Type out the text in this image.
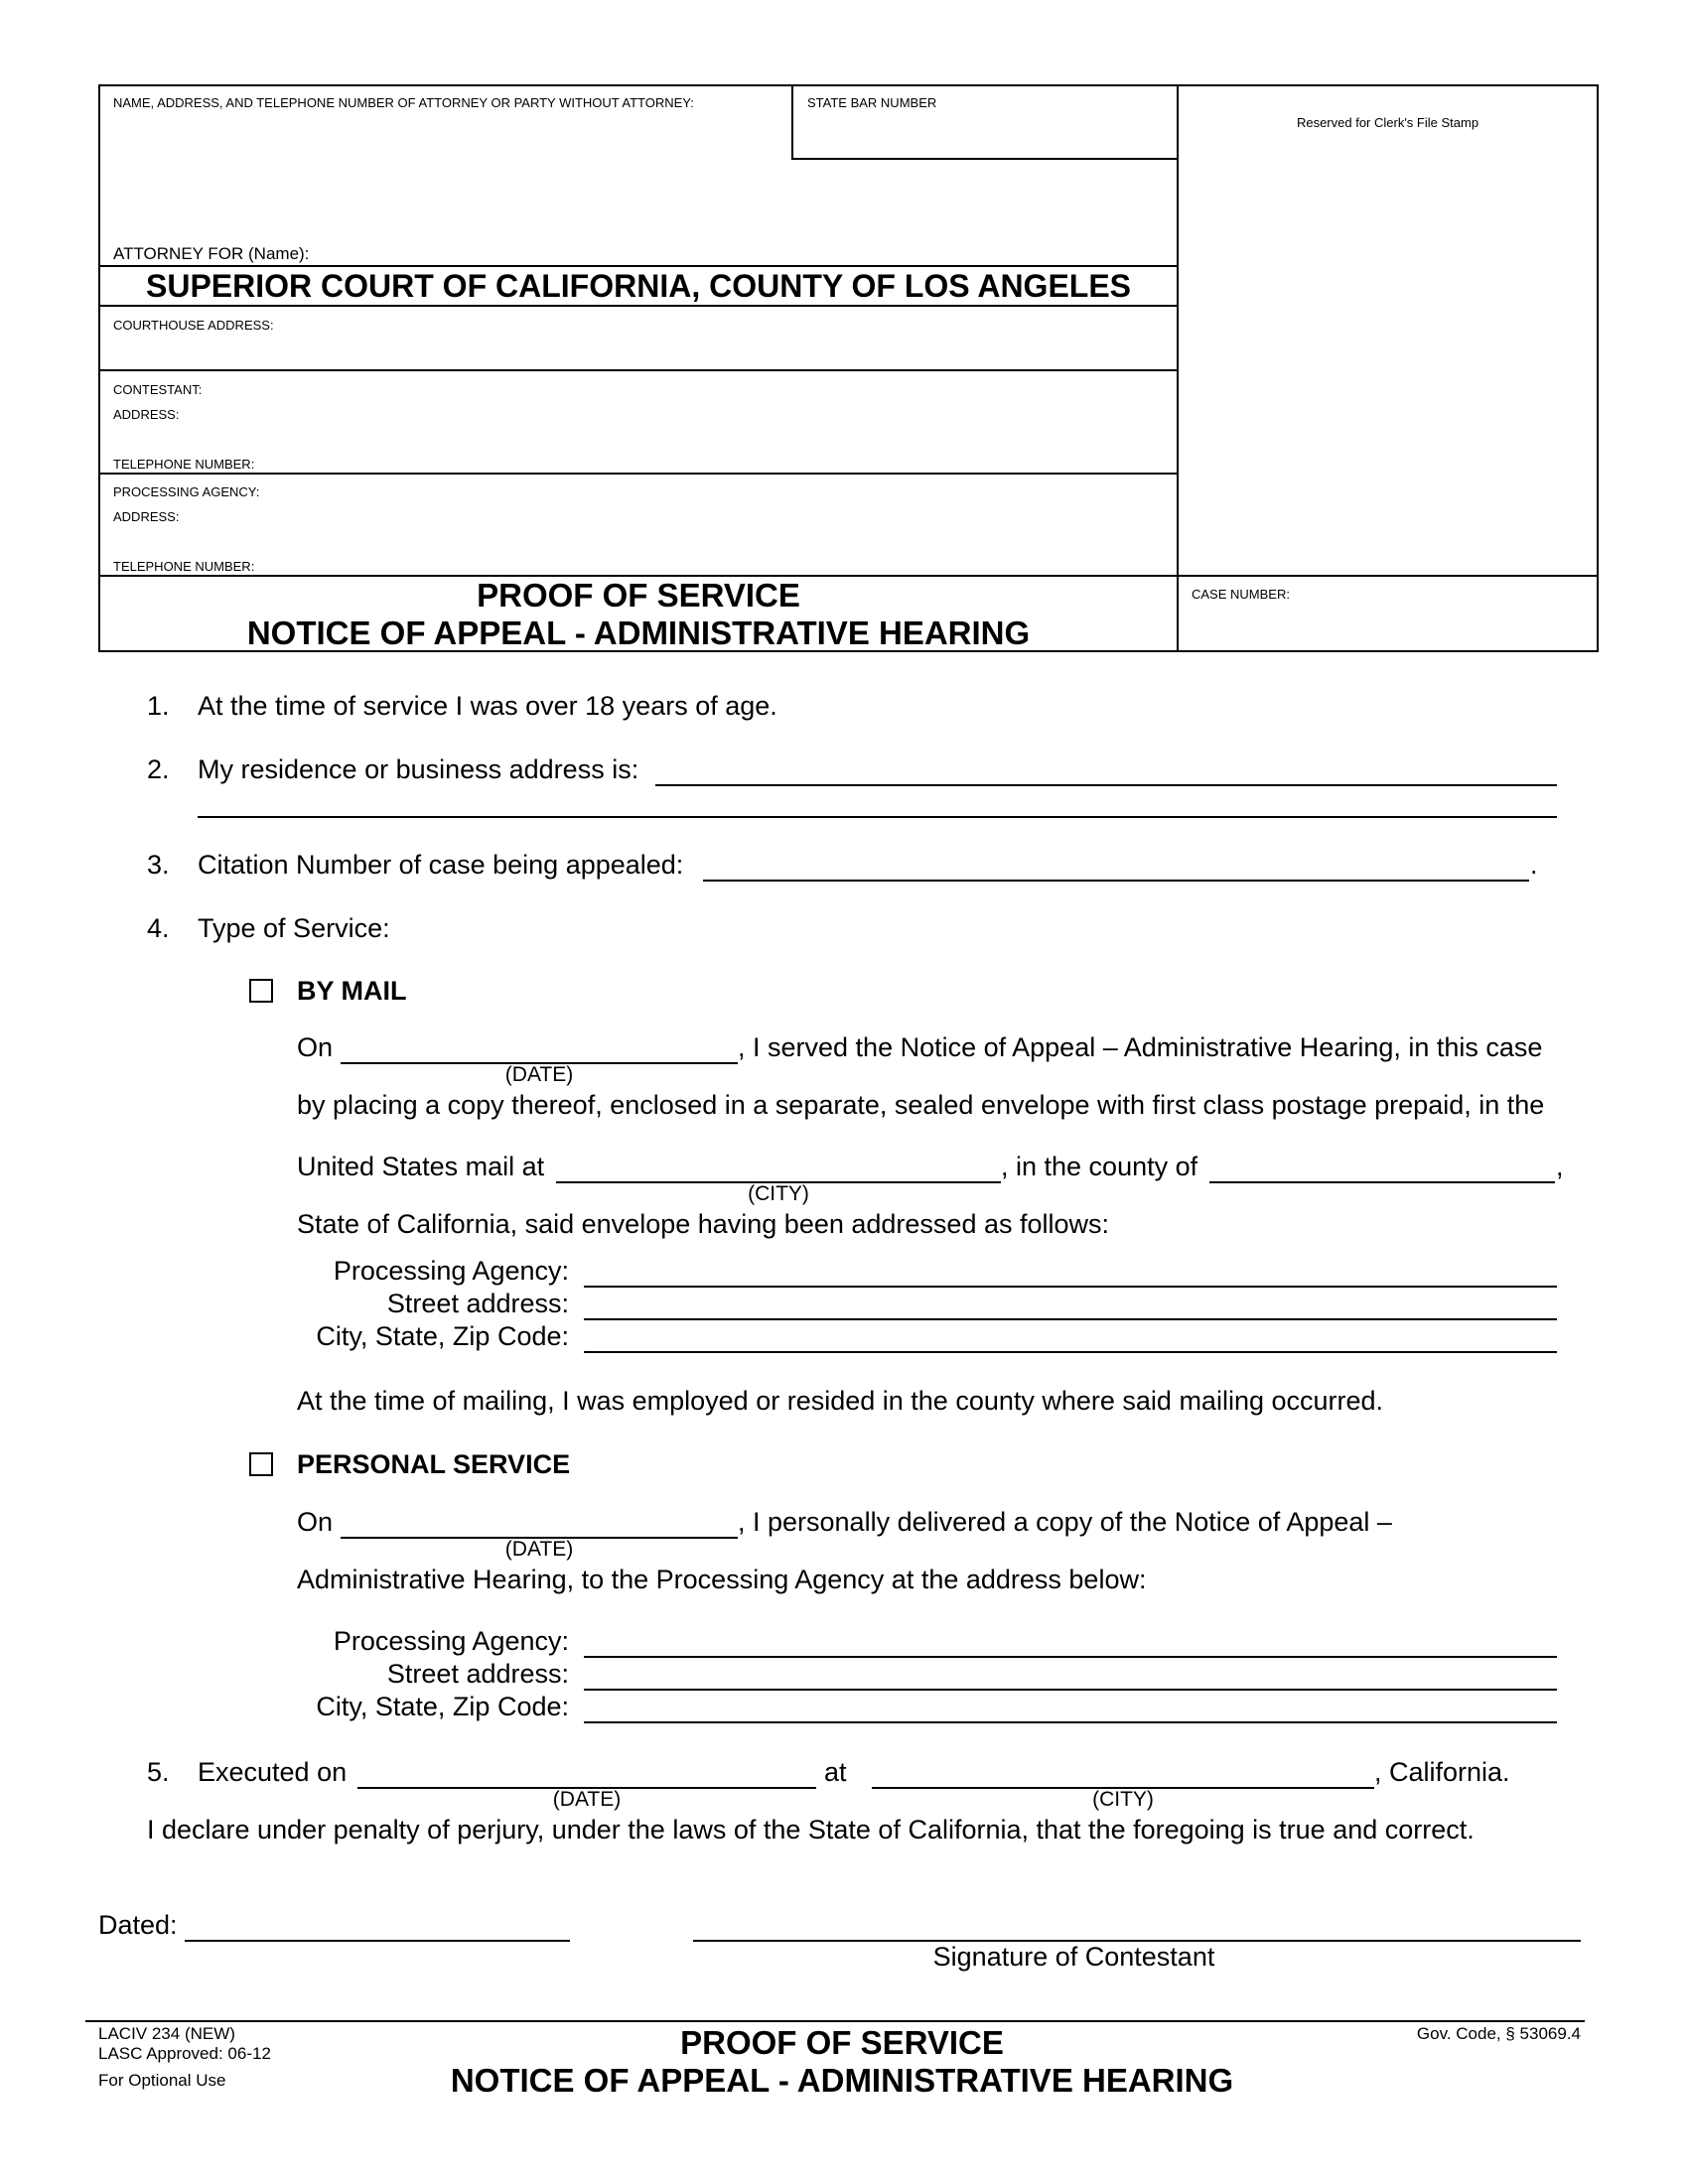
NAME, ADDRESS, AND TELEPHONE NUMBER OF ATTORNEY OR PARTY WITHOUT ATTORNEY:	STATE BAR NUMBER
Reserved for Clerk's File Stamp
ATTORNEY FOR (Name):
SUPERIOR COURT OF CALIFORNIA, COUNTY OF LOS ANGELES
COURTHOUSE ADDRESS:
CONTESTANT:
ADDRESS:
TELEPHONE NUMBER:
PROCESSING AGENCY:
ADDRESS:
TELEPHONE NUMBER:
PROOF OF SERVICE
NOTICE OF APPEAL - ADMINISTRATIVE HEARING
CASE NUMBER:
1. At the time of service I was over 18 years of age.
2. My residence or business address is:
3. Citation Number of case being appealed:	.
4. Type of Service:
BY MAIL
On	, I served the Notice of Appeal – Administrative Hearing, in this case
(DATE)
by placing a copy thereof, enclosed in a separate, sealed envelope with first class postage prepaid, in the
United States mail at	, in the county of	,
(CITY)
State of California, said envelope having been addressed as follows:
Processing Agency:
Street address:
City, State, Zip Code:
At the time of mailing, I was employed or resided in the county where said mailing occurred.
PERSONAL SERVICE
On	, I personally delivered a copy of the Notice of Appeal –
(DATE)
Administrative Hearing, to the Processing Agency at the address below:
Processing Agency:
Street address:
City, State, Zip Code:
5. Executed on	at	, California.
(DATE)	(CITY)
I declare under penalty of perjury, under the laws of the State of California, that the foregoing is true and correct.
Dated:
Signature of Contestant
LACIV 234 (NEW)
LASC Approved: 06-12
For Optional Use
PROOF OF SERVICE
NOTICE OF APPEAL - ADMINISTRATIVE HEARING
Gov. Code, § 53069.4
